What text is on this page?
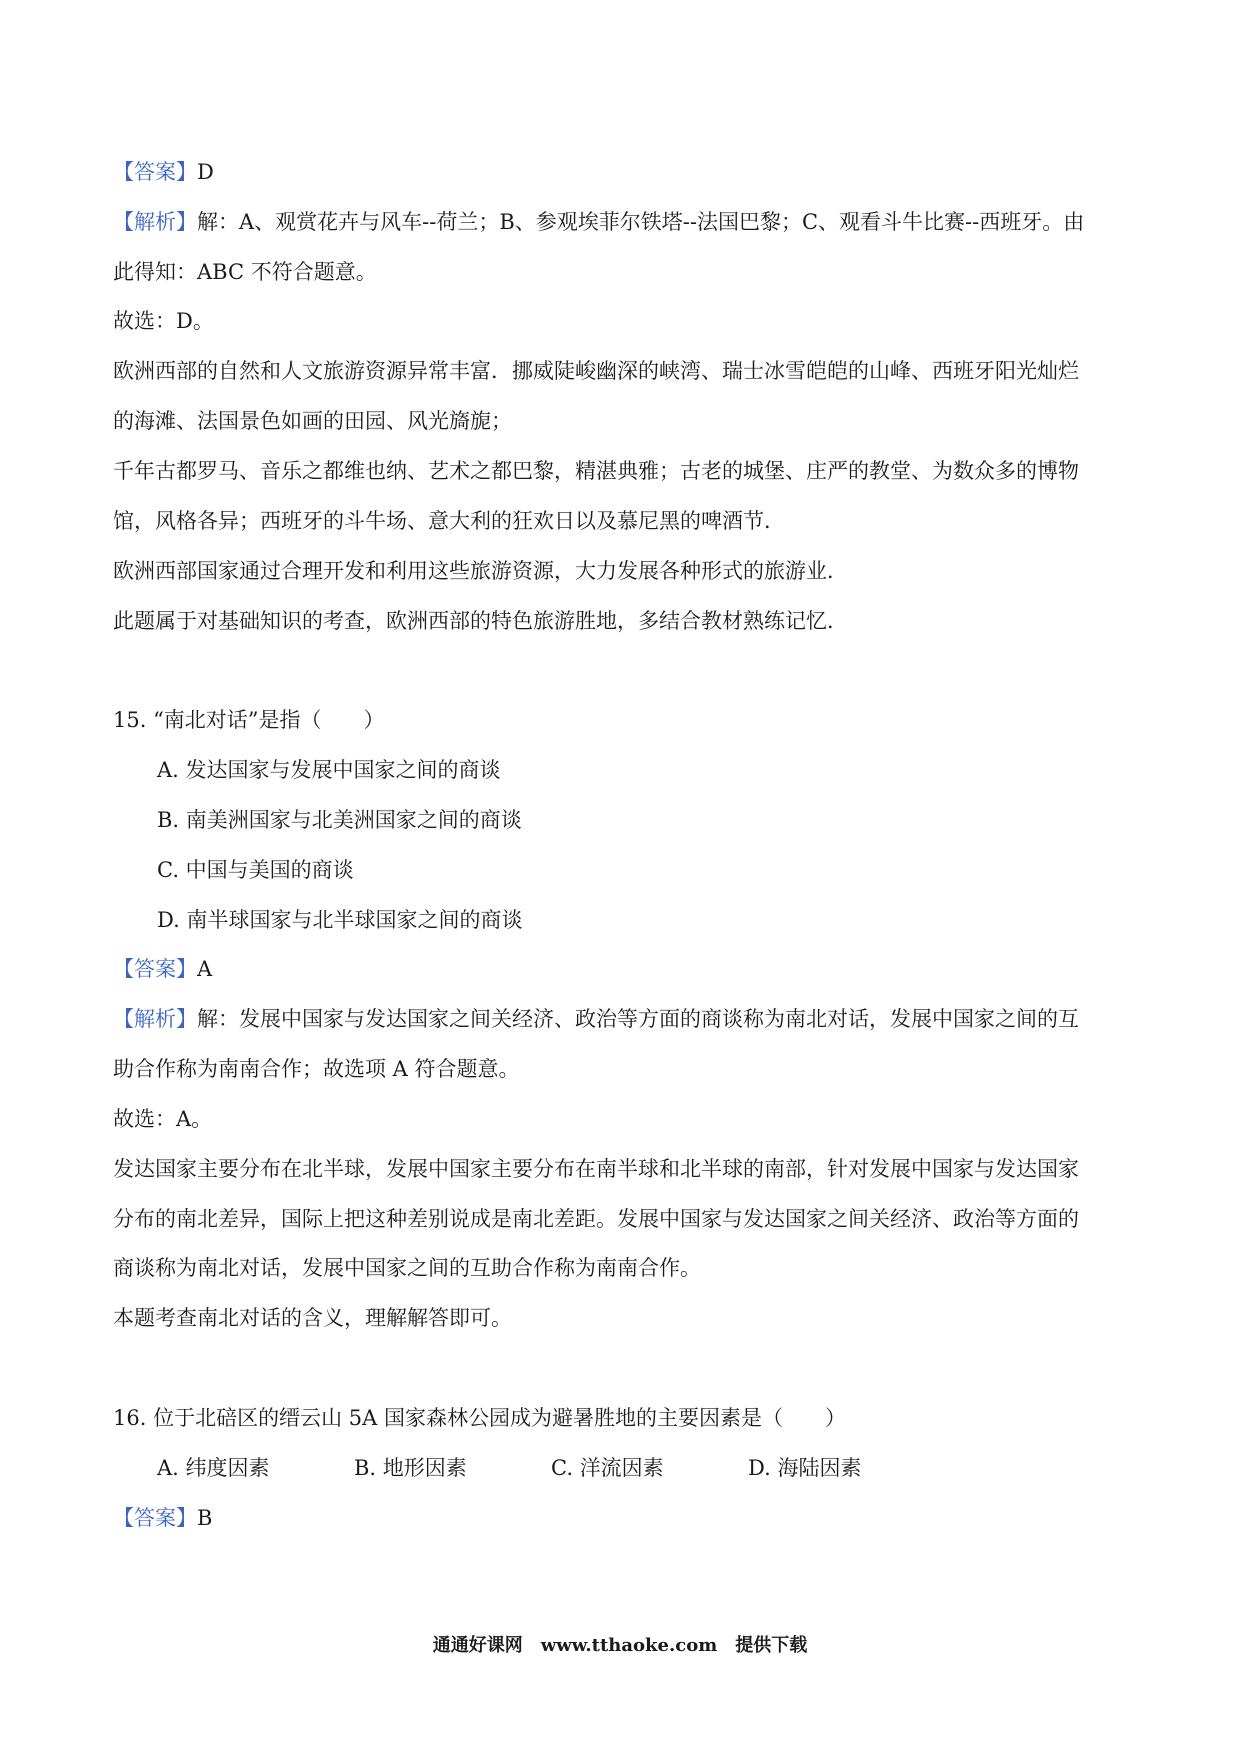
【答案】D
【解析】解：A、观赏花卉与风车--荷兰；B、参观埃菲尔铁塔--法国巴黎；C、观看斗牛比赛--西班牙。由
此得知：ABC 不符合题意。
故选：D。
欧洲西部的自然和人文旅游资源异常丰富．挪威陡峻幽深的峡湾、瑞士冰雪皑皑的山峰、西班牙阳光灿烂
的海滩、法国景色如画的田园、风光旖旎；
千年古都罗马、音乐之都维也纳、艺术之都巴黎，精湛典雅；古老的城堡、庄严的教堂、为数众多的博物
馆，风格各异；西班牙的斗牛场、意大利的狂欢日以及慕尼黑的啤酒节．
欧洲西部国家通过合理开发和利用这些旅游资源，大力发展各种形式的旅游业．
此题属于对基础知识的考查，欧洲西部的特色旅游胜地，多结合教材熟练记忆．
15. “南北对话”是指（　　）
A. 发达国家与发展中国家之间的商谈
B. 南美洲国家与北美洲国家之间的商谈
C. 中国与美国的商谈
D. 南半球国家与北半球国家之间的商谈
【答案】A
【解析】解：发展中国家与发达国家之间关经济、政治等方面的商谈称为南北对话，发展中国家之间的互
助合作称为南南合作；故选项 A 符合题意。
故选：A。
发达国家主要分布在北半球，发展中国家主要分布在南半球和北半球的南部，针对发展中国家与发达国家
分布的南北差异，国际上把这种差别说成是南北差距。发展中国家与发达国家之间关经济、政治等方面的
商谈称为南北对话，发展中国家之间的互助合作称为南南合作。
本题考查南北对话的含义，理解解答即可。
16. 位于北碚区的缙云山 5A 国家森林公园成为避暑胜地的主要因素是（　　）
A. 纬度因素	B. 地形因素	C. 洋流因素	D. 海陆因素
【答案】B
通通好课网　www.tthaoke.com　提供下载
